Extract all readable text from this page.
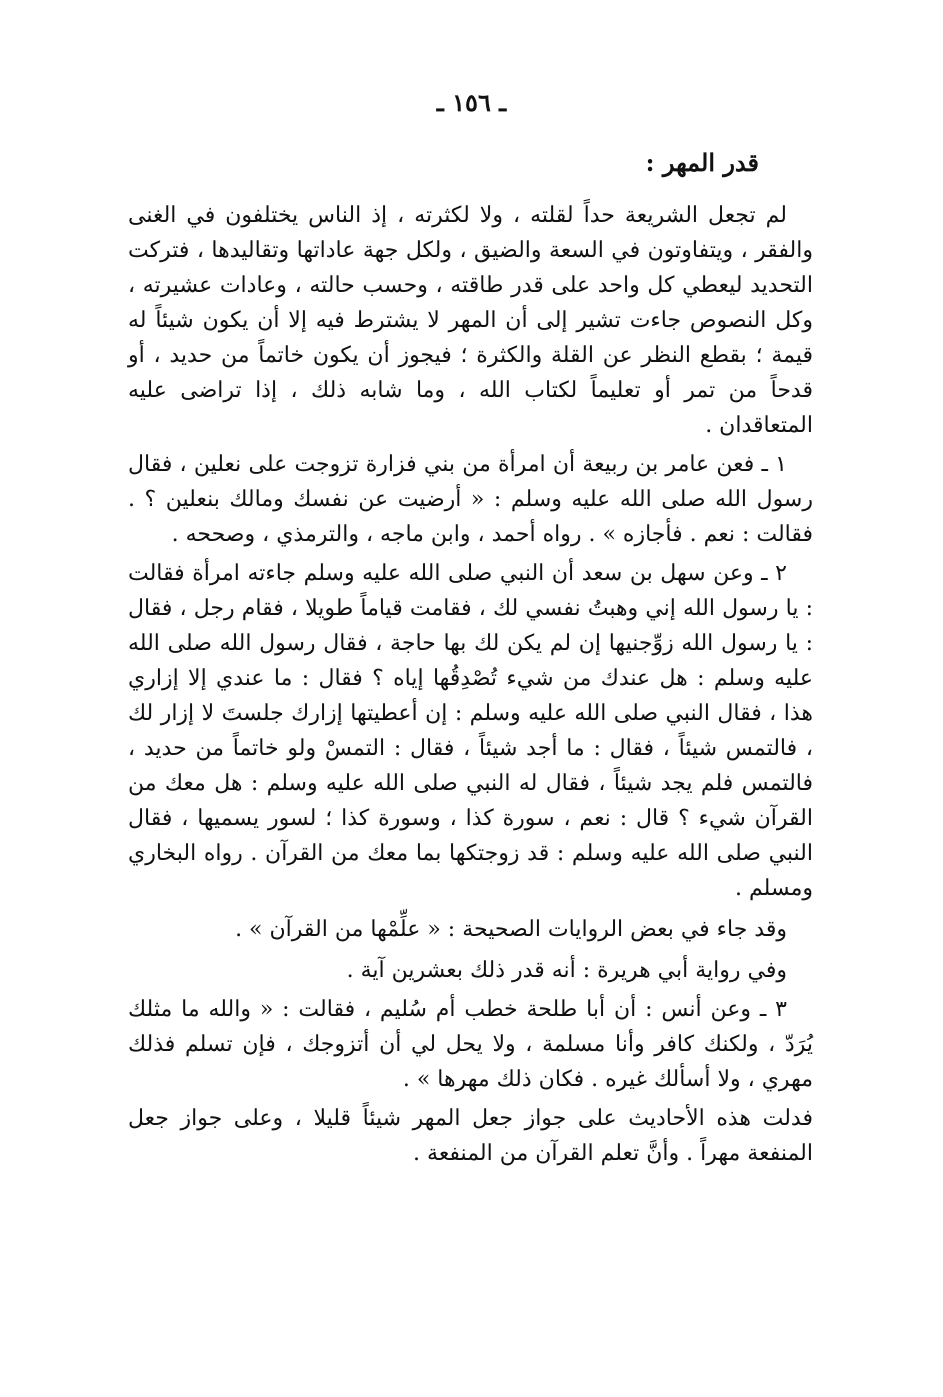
ـ ١٥٦ ـ
قدر المهر :

لم تجعل الشريعة حداً لقلته ، ولا لكثرته ، إذ الناس يختلفون في الغنى والفقر ، ويتفاوتون في السعة والضيق ، ولكل جهة عاداتها وتقاليدها ، فتركت التحديد ليعطي كل واحد على قدر طاقته ، وحسب حالته ، وعادات عشيرته ، وكل النصوص جاءت تشير إلى أن المهر لا يشترط فيه إلا أن يكون شيئاً له قيمة ؛ بقطع النظر عن القلة والكثرة ؛ فيجوز أن يكون خاتماً من حديد ، أو قدحاً من تمر أو تعليماً لكتاب الله ، وما شابه ذلك ، إذا تراضى عليه المتعاقدان .

١ ـ فعن عامر بن ربيعة أن امرأة من بني فزارة تزوجت على نعلين ، فقال رسول الله صلى الله عليه وسلم : « أرضيت عن نفسك ومالك بنعلين ؟ . فقالت : نعم . فأجازه » . رواه أحمد ، وابن ماجه ، والترمذي ، وصححه .

٢ ـ وعن سهل بن سعد أن النبي صلى الله عليه وسلم جاءته امرأة فقالت : يا رسول الله إني وهبتُ نفسي لك ، فقامت قياماً طويلا ، فقام رجل ، فقال : يا رسول الله زوِّجنيها إن لم يكن لك بها حاجة ، فقال رسول الله صلى الله عليه وسلم : هل عندك من شيء تُصْدِقُها إياه ؟ فقال : ما عندي إلا إزاري هذا ، فقال النبي صلى الله عليه وسلم : إن أعطيتها إزارك جلستَ لا إزار لك ، فالتمس شيئاً ، فقال : ما أجد شيئاً ، فقال : التمسْ ولو خاتماً من حديد ، فالتمس فلم يجد شيئاً ، فقال له النبي صلى الله عليه وسلم : هل معك من القرآن شيء ؟ قال : نعم ، سورة كذا ، وسورة كذا ؛ لسور يسميها ، فقال النبي صلى الله عليه وسلم : قد زوجتكها بما معك من القرآن . رواه البخاري ومسلم .

وقد جاء في بعض الروايات الصحيحة : « علِّمْها من القرآن » .

وفي رواية أبي هريرة : أنه قدر ذلك بعشرين آية .

٣ ـ وعن أنس : أن أبا طلحة خطب أم سُليم ، فقالت : « والله ما مثلك يُرَدّ ، ولكنك كافر وأنا مسلمة ، ولا يحل لي أن أتزوجك ، فإن تسلم فذلك مهري ، ولا أسألك غيره . فكان ذلك مهرها » .

فدلت هذه الأحاديث على جواز جعل المهر شيئاً قليلا ، وعلى جواز جعل المنفعة مهراً . وأنَّ تعلم القرآن من المنفعة .
